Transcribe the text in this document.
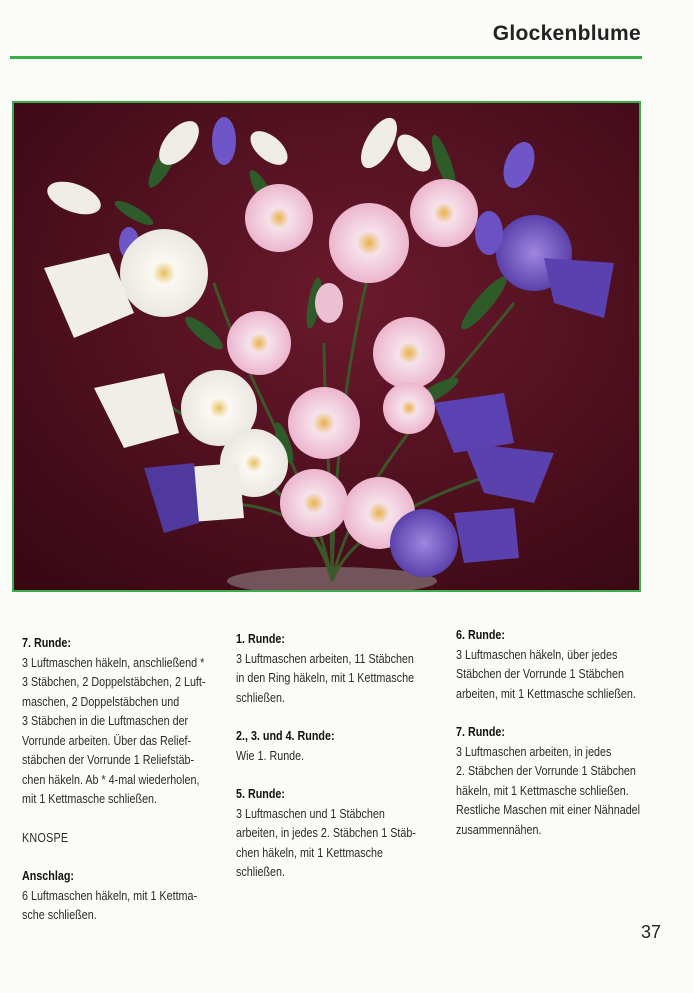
Glockenblume
7. Runde:
3 Luftmaschen häkeln, anschließend *
3 Stäbchen, 2 Doppelstäbchen, 2 Luft-
maschen, 2 Doppelstäbchen und
3 Stäbchen in die Luftmaschen der
Vorrunde arbeiten. Über das Relief-
stäbchen der Vorrunde 1 Reliefstäb-
chen häkeln. Ab * 4-mal wiederholen,
mit 1 Kettmasche schließen.
KNOSPE
Anschlag:
6 Luftmaschen häkeln, mit 1 Kettma-
sche schließen.
1. Runde:
3 Luftmaschen arbeiten, 11 Stäbchen
in den Ring häkeln, mit 1 Kettmasche
schließen.
2., 3. und 4. Runde:
Wie 1. Runde.
5. Runde:
3 Luftmaschen und 1 Stäbchen
arbeiten, in jedes 2. Stäbchen 1 Stäb-
chen häkeln, mit 1 Kettmasche
schließen.
6. Runde:
3 Luftmaschen häkeln, über jedes
Stäbchen der Vorrunde 1 Stäbchen
arbeiten, mit 1 Kettmasche schließen.
7. Runde:
3 Luftmaschen arbeiten, in jedes
2. Stäbchen der Vorrunde 1 Stäbchen
häkeln, mit 1 Kettmasche schließen.
Restliche Maschen mit einer Nähnadel
zusammennähen.
37
